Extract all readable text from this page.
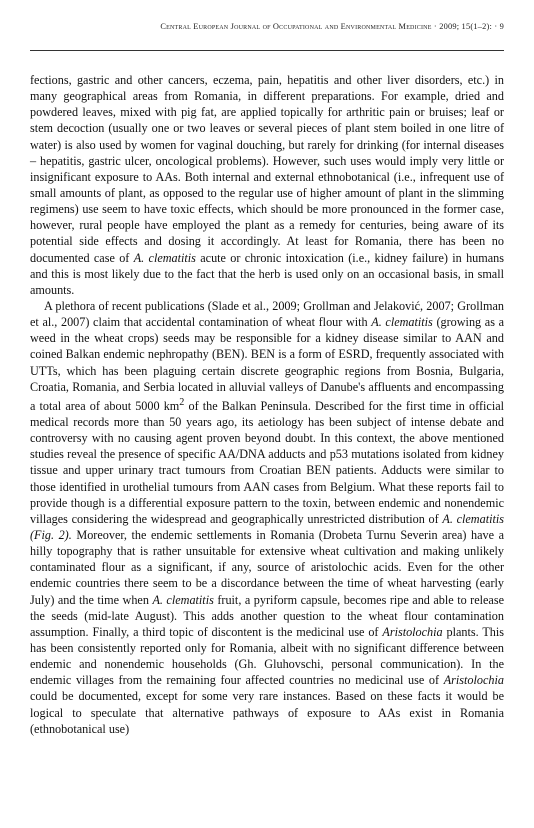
Central European Journal of Occupational and Environmental Medicine · 2009; 15(1–2): · 9

fections, gastric and other cancers, eczema, pain, hepatitis and other liver disorders, etc.) in many geographical areas from Romania, in different preparations. For example, dried and powdered leaves, mixed with pig fat, are applied topically for arthritic pain or bruises; leaf or stem decoction (usually one or two leaves or several pieces of plant stem boiled in one litre of water) is also used by women for vaginal douching, but rarely for drinking (for internal diseases – hepatitis, gastric ulcer, oncological problems). However, such uses would imply very little or insignificant exposure to AAs. Both internal and external ethnobotanical (i.e., infrequent use of small amounts of plant, as opposed to the regular use of higher amount of plant in the slimming regimens) use seem to have toxic effects, which should be more pronounced in the former case, however, rural people have employed the plant as a remedy for centuries, being aware of its potential side effects and dosing it accordingly. At least for Romania, there has been no documented case of A. clematitis acute or chronic intoxication (i.e., kidney failure) in humans and this is most likely due to the fact that the herb is used only on an occasional basis, in small amounts.

A plethora of recent publications (Slade et al., 2009; Grollman and Jelaković, 2007; Grollman et al., 2007) claim that accidental contamination of wheat flour with A. clematitis (growing as a weed in the wheat crops) seeds may be responsible for a kidney disease similar to AAN and coined Balkan endemic nephropathy (BEN). BEN is a form of ESRD, frequently associated with UTTs, which has been plaguing certain discrete geographic regions from Bosnia, Bulgaria, Croatia, Romania, and Serbia located in alluvial valleys of Danube's affluents and encompassing a total area of about 5000 $km^2$ of the Balkan Peninsula. Described for the first time in official medical records more than 50 years ago, its aetiology has been subject of intense debate and controversy with no causing agent proven beyond doubt. In this context, the above mentioned studies reveal the presence of specific AA/DNA adducts and p53 mutations isolated from kidney tissue and upper urinary tract tumours from Croatian BEN patients. Adducts were similar to those identified in urothelial tumours from AAN cases from Belgium. What these reports fail to provide though is a differential exposure pattern to the toxin, between endemic and nonendemic villages considering the widespread and geographically unrestricted distribution of A. clematitis (Fig. 2). Moreover, the endemic settlements in Romania (Drobeta Turnu Severin area) have a hilly topography that is rather unsuitable for extensive wheat cultivation and making unlikely contaminated flour as a significant, if any, source of aristolochic acids. Even for the other endemic countries there seem to be a discordance between the time of wheat harvesting (early July) and the time when A. clematitis fruit, a pyriform capsule, becomes ripe and able to release the seeds (mid-late August). This adds another question to the wheat flour contamination assumption. Finally, a third topic of discontent is the medicinal use of Aristolochia plants. This has been consistently reported only for Romania, albeit with no significant difference between endemic and nonendemic households (Gh. Gluhovschi, personal communication). In the endemic villages from the remaining four affected countries no medicinal use of Aristolochia could be documented, except for some very rare instances. Based on these facts it would be logical to speculate that alternative pathways of exposure to AAs exist in Romania (ethnobotanical use)
